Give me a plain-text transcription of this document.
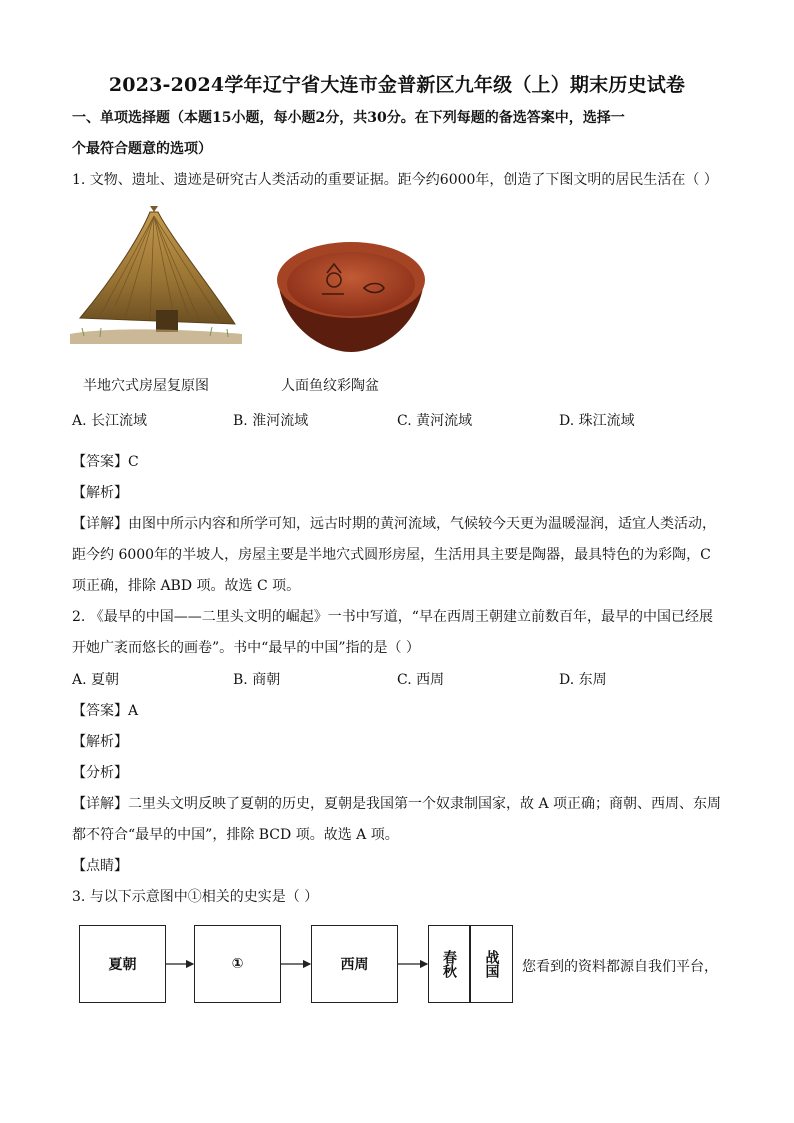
2023-2024学年辽宁省大连市金普新区九年级（上）期末历史试卷
一、单项选择题（本题15小题，每小题2分，共30分。在下列每题的备选答案中，选择一
个最符合题意的选项）
1. 文物、遗址、遗迹是研究古人类活动的重要证据。距今约6000年，创造了下图文明的居民生活在（ ）
半地穴式房屋复原图	人面鱼纹彩陶盆
A. 长江流域	B. 淮河流域	C. 黄河流域	D. 珠江流域
【答案】C
【解析】
【详解】由图中所示内容和所学可知，远古时期的黄河流域，气候较今天更为温暖湿润，适宜人类活动，
距今约 6000年的半坡人，房屋主要是半地穴式圆形房屋，生活用具主要是陶器，最具特色的为彩陶，C
项正确，排除 ABD 项。故选 C 项。
2. 《最早的中国——二里头文明的崛起》一书中写道，“早在西周王朝建立前数百年，最早的中国已经展
开她广袤而悠长的画卷”。书中“最早的中国”指的是（ ）
A. 夏朝	B. 商朝	C. 西周	D. 东周
【答案】A
【解析】
【分析】
【详解】二里头文明反映了夏朝的历史，夏朝是我国第一个奴隶制国家，故 A 项正确；商朝、西周、东周
都不符合“最早的中国”，排除 BCD 项。故选 A 项。
【点睛】
3. 与以下示意图中①相关的史实是（ ）
夏朝	①	西周	春秋 战国 您看到的资料都源自我们平台，
